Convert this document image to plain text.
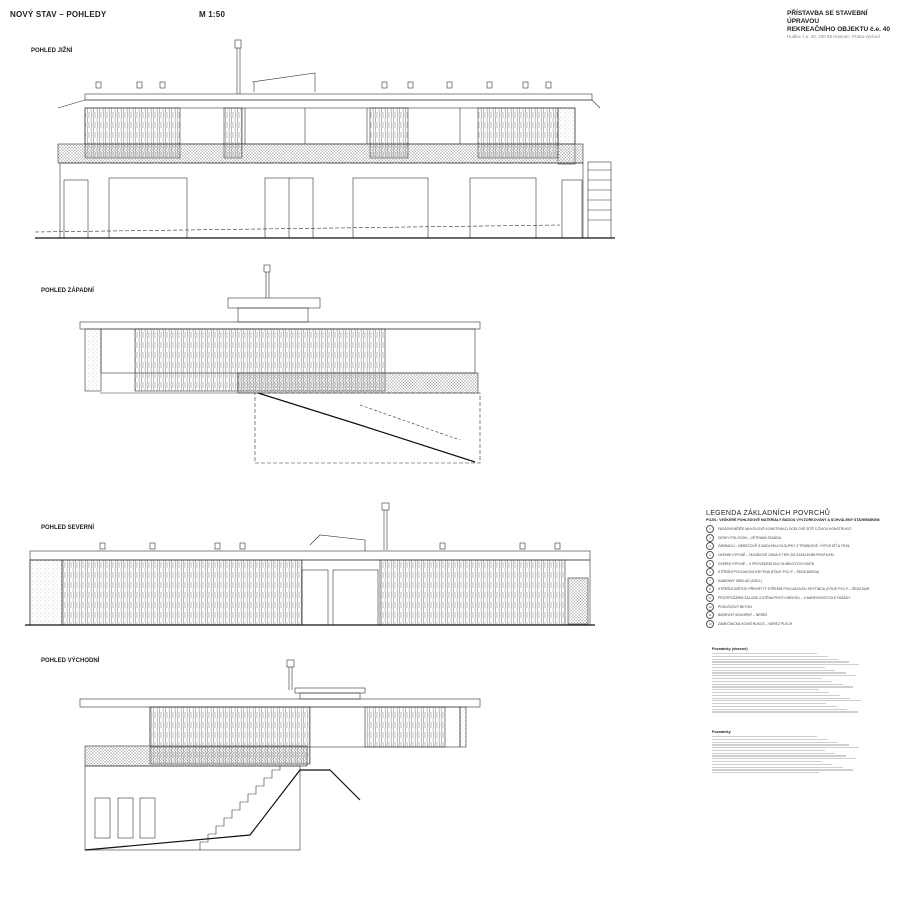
NOVÝ STAV – POHLEDY	M 1:50	PŘÍSTAVBA SE STAVEBNÍ ÚPRAVOU
REKREAČNÍHO OBJEKTU č.e. 40
Hudlec č.e. 40, 250 68 Husinec, Praha-východ
POHLED JIŽNÍ
POHLED ZÁPADNÍ
POHLED SEVERNÍ
POHLED VÝCHODNÍ
LEGENDA ZÁKLADNÍCH POVRCHŮ
POZN.: VEŠKERÉ POHLEDOVÉ MATERIÁLY BUDOU VYVZORKOVÁNY A SCHVÁLENY STAVEBNÍKEM
1	FASÁDNÍ MŘÍŽE NA KOVOVÉ KONSTRUKCI OCELOVÉ SÍTĚ S ŽIVOU KONSTRUKCÍ
2	DESKY POLYGON – VĚTRANÁ FASÁDA
3	ZÁBRADLÍ – NEREZOVÉ S MADLEM A SLOUPKY Z TRUBKOVÉ, VÝPLŇ SÍŤ A TEXIL
4	OKENNÍ VÝPLNĚ – HLINÍKOVÉ OKNA S TEPLÝM ZASKLENÍM PROFILEM
5	DVEŘNÍ VÝPLNĚ – V PROVEDENÍ DLE HLINÍKOVÝCH OKEN
6	STŘEŠNÍ POVLAKOVÁ KRYTINA (FÓLIE PVC-P – ŠEDÁ BARVA)
7	KAMENNÝ OBKLAD (SOKL)
8	STŘEŠNÍ SVĚTLÍK PŘEKRYTÝ STŘEŠNÍ POVLAKOVOU KRYTINOU (FÓLIE PVC-P – ŠEDÁ BAR
9	PROTIPOŽÁRNÍ ŽALUZIE A STĚNA PROTI OBRYSU – V BAREVNOSTI DLE FASÁDY
10	POHLEDOVÝ BETON
11	BAREVNÝ SOUHRNÝ – NEREZ
12	ZÁMEČNICKÁ KONSTRUKCE – NEREZ PLECH
Poznámky (obecné)
Poznámky
